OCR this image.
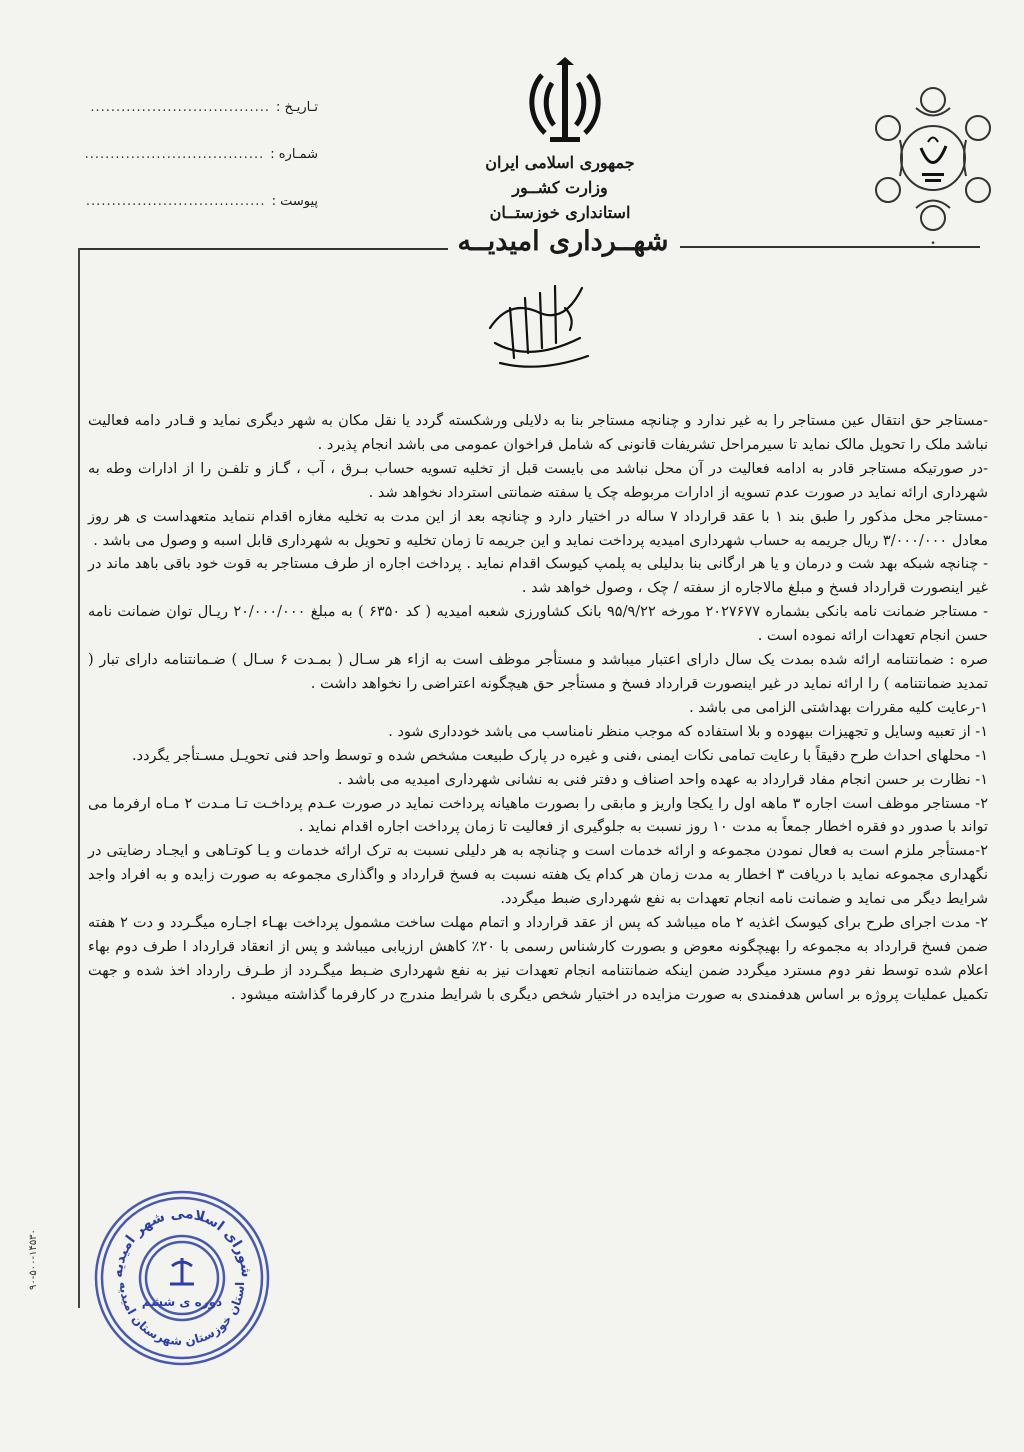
تـاریـخ :...................................
شمـاره :...................................
پیوست :...................................
جمهوری اسلامی ایران
وزارت کشــور
استانداری خوزستــان
شهــرداری امیدیــه	•
بسم الله الرحمن الرحیم

-مستاجر حق انتقال عین مستاجر را به غیر ندارد و چنانچه مستاجر بنا به دلایلی ورشکسته گردد یا نقل مکان به شهر دیگری نماید و قـادر دامه فعالیت نباشد ملک را تحویل مالک نماید تا سیرمراحل تشریفات قانونی که شامل فراخوان عمومی می باشد انجام پذیرد .

-در صورتیکه مستاجر قادر به ادامه فعالیت در آن محل نباشد می بایست قبل از تخلیه تسویه حساب بـرق ، آب ، گـاز و تلفـن را از ادارات وطه به شهرداری ارائه نماید در صورت عدم تسویه از ادارات مربوطه چک یا سفته ضمانتی استرداد نخواهد شد .

-مستاجر محل مذکور را طبق بند ۱ با عقد قرارداد ۷ ساله در اختیار دارد و چنانچه بعد از این مدت به تخلیه مغازه اقدام ننماید متعهداست ی هر روز معادل ۳/۰۰۰/۰۰۰ ریال جریمه به حساب شهرداری امیدیه پرداخت نماید و این جریمه تا زمان تخلیه و تحویل به شهرداری قابل اسبه و وصول می باشد .

- چنانچه شبکه بهد شت و درمان و یا هر ارگانی بنا بدلیلی به پلمپ کیوسک اقدام نماید . پرداخت اجاره از طرف مستاجر به قوت خود باقی باهد ماند در غیر اینصورت قرارداد فسخ و مبلغ مالاجاره از سفته / چک ، وصول خواهد شد .

- مستاجر ضمانت نامه بانکی بشماره ۲۰۲۷۶۷۷ مورخه ۹۵/۹/۲۲ بانک کشاورزی شعبه امیدیه ( کد ۶۳۵۰ ) به مبلغ ۲۰/۰۰۰/۰۰۰ ریـال توان ضمانت نامه حسن انجام تعهدات ارائه نموده است .

صره : ضمانتنامه ارائه شده بمدت یک سال دارای اعتبار میباشد و مستأجر موظف است به ازاء هر سـال ( بمـدت ۶ سـال ) ضـمانتنامه دارای تبار ( تمدید ضمانتنامه ) را ارائه نماید در غیر اینصورت قرارداد فسخ و مستأجر حق هیچگونه اعتراضی را نخواهد داشت .

۱-رعایت کلیه مقررات بهداشتی الزامی می باشد .

۱- از تعبیه وسایل و تجهیزات بیهوده و بلا استفاده که موجب منظر نامناسب می باشد خودداری شود .

۱- محلهای احداث طرح دقیقاً با رعایت تمامی نکات ایمنی ،فنی و غیره در پارک طبیعت مشخص شده و توسط واحد فنی تحویـل مسـتأجر یگردد.

۱- نظارت بر حسن انجام مفاد قرارداد به عهده واحد اصناف و دفتر فنی به نشانی شهرداری امیدیه می باشد .

۲- مستاجر موظف است اجاره ۳ ماهه اول را یکجا واریز و مابقی را بصورت ماهیانه پرداخت نماید در صورت عـدم پرداخـت تـا مـدت ۲ مـاه ارفرما می تواند با صدور دو فقره اخطار جمعاً به مدت ۱۰ روز نسبت به جلوگیری از فعالیت تا زمان پرداخت اجاره اقدام نماید .

۲-مستأجر ملزم است به فعال نمودن مجموعه و ارائه خدمات است و چنانچه به هر دلیلی نسبت به ترک ارائه خدمات و یـا کوتـاهی و ایجـاد رضایتی در نگهداری مجموعه نماید با دریافت ۳ اخطار به مدت زمان هر کدام یک هفته نسبت به فسخ قرارداد و واگذاری مجموعه به صورت زایده و به افراد واجد شرایط دیگر می نماید و ضمانت نامه انجام تعهدات به نفع شهرداری ضبط میگردد.

۲- مدت اجرای طرح برای کیوسک اغذیه ۲ ماه میباشد که پس از عقد قرارداد و اتمام مهلت ساخت مشمول پرداخت بهـاء اجـاره میگـردد و دت ۲ هفته ضمن فسخ قرارداد به مجموعه را بهیچگونه معوض و بصورت کارشناس رسمی با ۲۰٪ کاهش ارزیابی میباشد و پس از انعقاد قرارداد ا طرف دوم بهاء اعلام شده توسط نفر دوم مسترد میگردد ضمن اینکه ضمانتنامه انجام تعهدات نیز به نفع شهرداری ضـبط میگـردد از طـرف رارداد اخذ شده و جهت تکمیل عملیات پروژه بر اساس هدفمندی به صورت مزایده در اختیار شخص دیگری با شرایط مندرج در کارفرما گذاشته میشود .

شورای اسلامی شهر امیدیه
استان خوزستان شهرستان امیدیه
دوره ی ششم
۹۰-۵۰۰-۱۴۵۳۰
